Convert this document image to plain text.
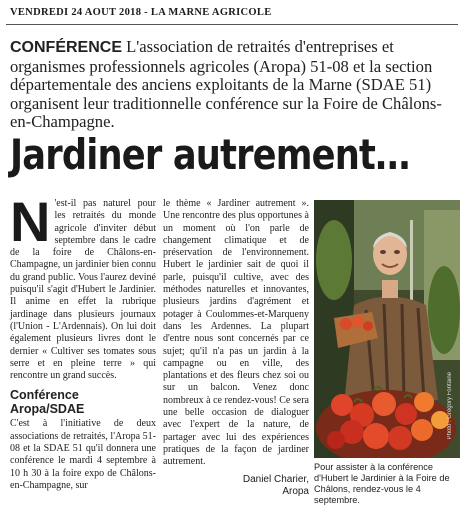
VENDREDI 24 AOUT 2018 - LA MARNE AGRICOLE
CONFÉRENCE L'association de retraités d'entreprises et organismes professionnels agricoles (Aropa) 51-08 et la section départementale des anciens exploitants de la Marne (SDAE 51) organisent leur traditionnelle conférence sur la Foire de Châlons-en-Champagne.
Jardiner autrement…

N 'est-il pas naturel pour les retraités du monde agricole d'inviter début septembre dans le cadre de la foire de Châlons-en-Champagne, un jardinier bien connu du grand public. Vous l'aurez deviné puisqu'il s'agit d'Hubert le Jardinier. Il anime en effet la rubrique jardinage dans plusieurs journaux (l'Union - L'Ardennais). On lui doit également plusieurs livres dont le dernier « Cultiver ses tomates sous serre et en pleine terre » qui rencontre un grand succès.

Conférence Aropa/SDAE

C'est à l'initiative de deux associations de retraités, l'Aropa 51-08 et la SDAE 51 qu'il donnera une conférence le mardi 4 septembre à 10 h 30 à la foire expo de Châlons-en-Champagne, sur

le thème « Jardiner autrement ». Une rencontre des plus opportunes à un moment où l'on parle de changement climatique et de préservation de l'environnement. Hubert le jardinier sait de quoi il parle, puisqu'il cultive, avec des méthodes naturelles et innovantes, plusieurs jardins d'agrément et potager à Coulommes-et-Marqueny dans les Ardennes. La plupart d'entre nous sont concernés par ce sujet; qu'il n'a pas un jardin à la campagne ou en ville, des plantations et des fleurs chez soi ou sur un balcon. Venez donc nombreux à ce rendez-vous! Ce sera une belle occasion de dialoguer avec l'expert de la nature, de partager avec lui des expériences pratiques de la façon de jardiner autrement.

Daniel Charier,
Aropa
Photo : Grégory Fontaine
Pour assister à la conférence d'Hubert le Jardinier à la Foire de Châlons, rendez-vous le 4 septembre.
